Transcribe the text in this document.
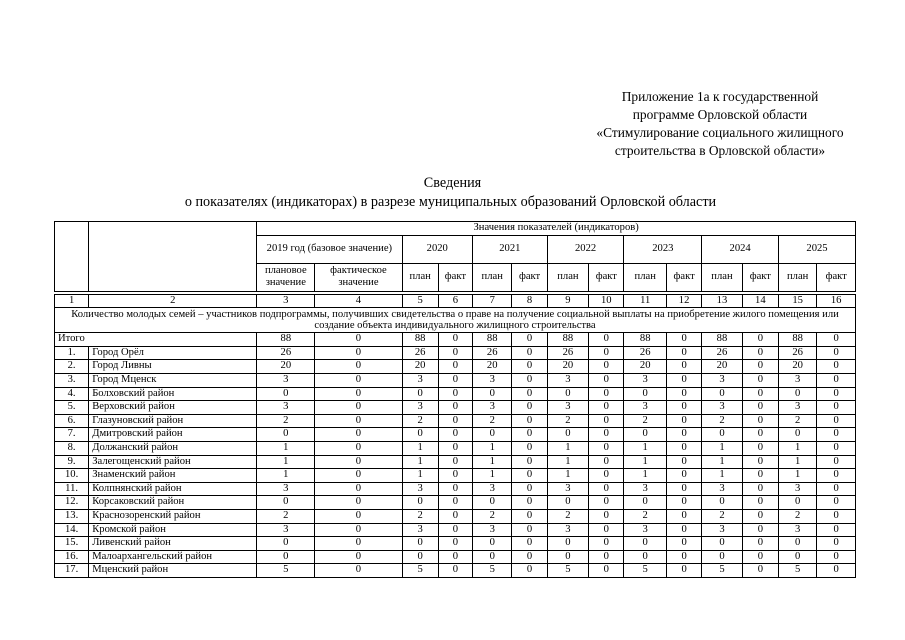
Приложение 1а к государственной
программе Орловской области
«Стимулирование социального жилищного
строительства в Орловской области»
Сведения
о показателях (индикаторах) в разрезе муниципальных образований Орловской области
		Значения показателей (индикаторов)													
		2019 год (базовое значение)		2020		2021		2022		2023		2024		2025	
		плановое значение	фактическое значение	план	факт	план	факт	план	факт	план	факт	план	факт	план	факт

1	2	3	4	5	6	7	8	9	10	11	12	13	14	15	16
Количество молодых семей – участников подпрограммы, получивших свидетельства о праве на получение социальной выплаты на приобретение жилого помещения или создание объекта индивидуального жилищного строительства															
Итого		88	0	88	0	88	0	88	0	88	0	88	0	88	0
1.	Город Орёл	26	0	26	0	26	0	26	0	26	0	26	0	26	0
2.	Город Ливны	20	0	20	0	20	0	20	0	20	0	20	0	20	0
3.	Город Мценск	3	0	3	0	3	0	3	0	3	0	3	0	3	0
4.	Болховский район	0	0	0	0	0	0	0	0	0	0	0	0	0	0
5.	Верховский район	3	0	3	0	3	0	3	0	3	0	3	0	3	0
6.	Глазуновский район	2	0	2	0	2	0	2	0	2	0	2	0	2	0
7.	Дмитровский район	0	0	0	0	0	0	0	0	0	0	0	0	0	0
8.	Должанский район	1	0	1	0	1	0	1	0	1	0	1	0	1	0
9.	Залегощенский район	1	0	1	0	1	0	1	0	1	0	1	0	1	0
10.	Знаменский район	1	0	1	0	1	0	1	0	1	0	1	0	1	0
11.	Колпнянский район	3	0	3	0	3	0	3	0	3	0	3	0	3	0
12.	Корсаковский район	0	0	0	0	0	0	0	0	0	0	0	0	0	0
13.	Краснозоренский район	2	0	2	0	2	0	2	0	2	0	2	0	2	0
14.	Кромской район	3	0	3	0	3	0	3	0	3	0	3	0	3	0
15.	Ливенский район	0	0	0	0	0	0	0	0	0	0	0	0	0	0
16.	Малоархангельский район	0	0	0	0	0	0	0	0	0	0	0	0	0	0
17.	Мценский район	5	0	5	0	5	0	5	0	5	0	5	0	5	0
